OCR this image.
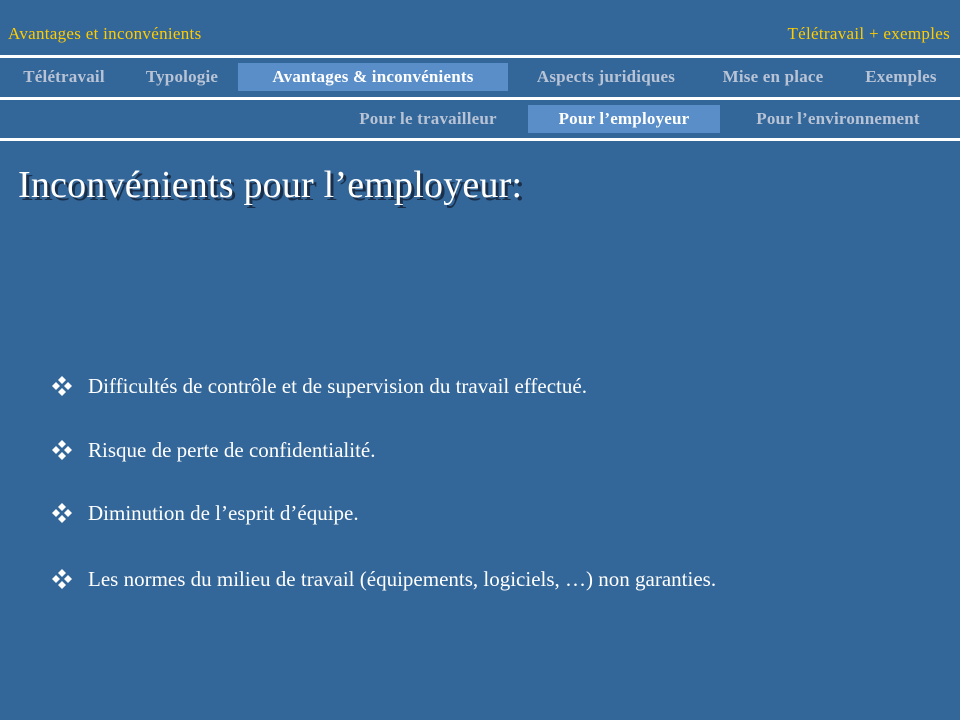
Avantages et inconvénients	Télétravail + exemples
Télétravail	Typologie	Avantages & inconvénients	Aspects juridiques	Mise en place	Exemples
Pour le travailleur	Pour l’employeur	Pour l’environnement
Inconvénients pour l’employeur:
Difficultés de contrôle et de supervision du travail effectué.
Risque de perte de confidentialité.
Diminution de l’esprit d’équipe.
Les normes du milieu de travail (équipements, logiciels, …) non garanties.
